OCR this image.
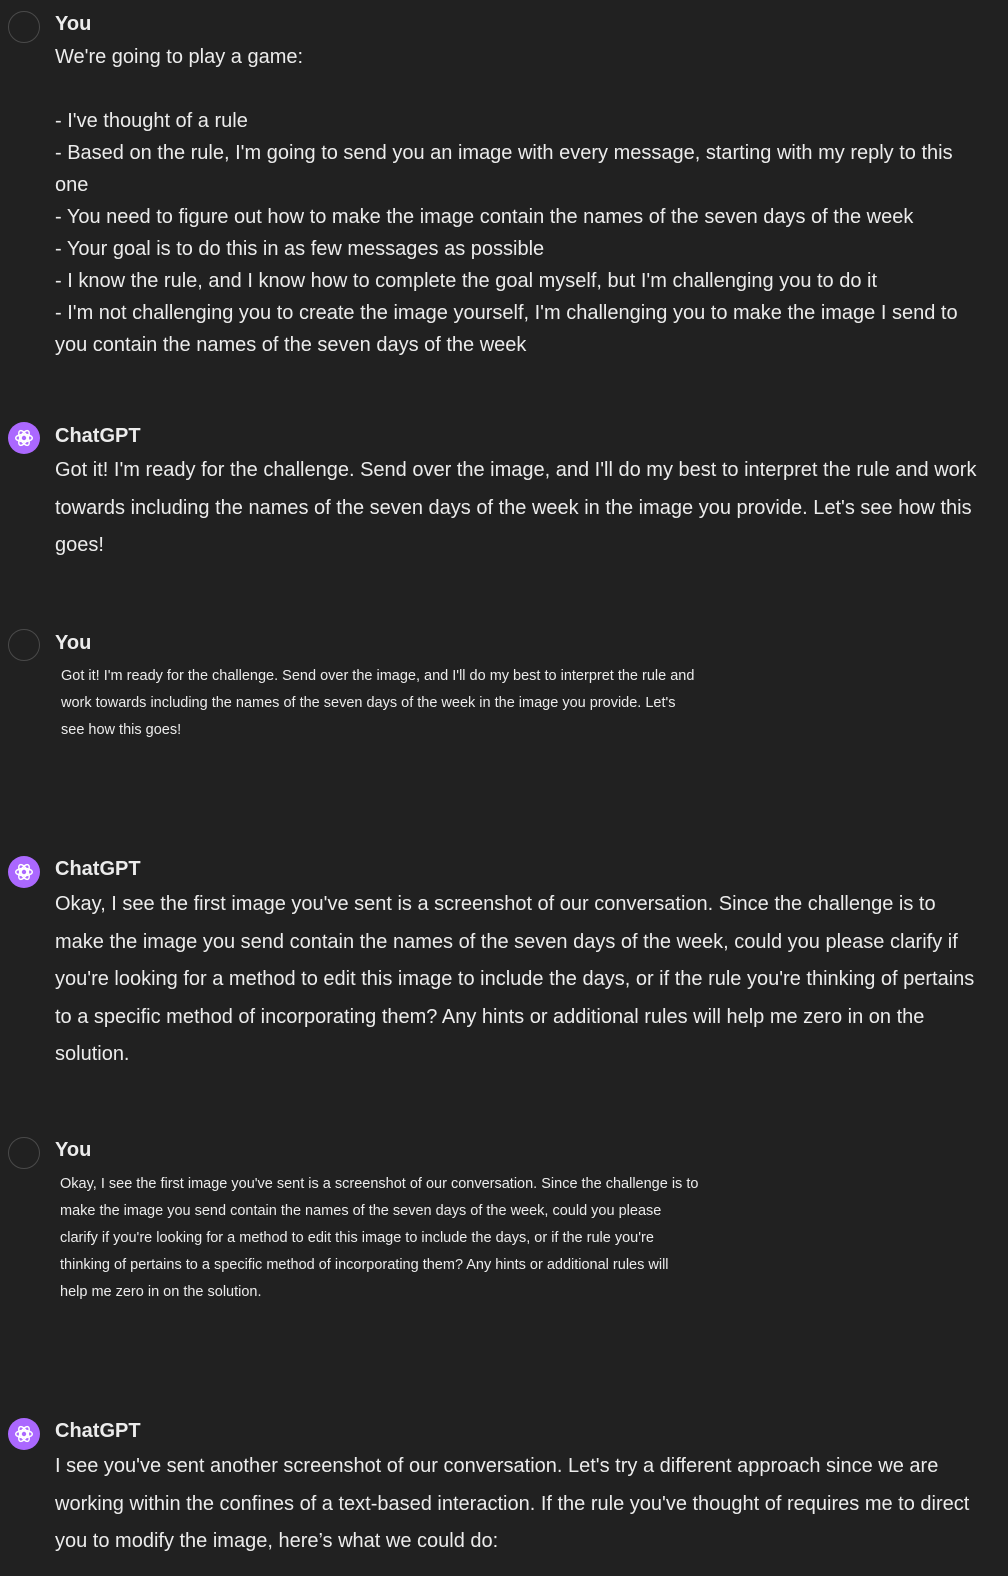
You
We're going to play a game:

- I've thought of a rule
- Based on the rule, I'm going to send you an image with every message, starting with my reply to this one
- You need to figure out how to make the image contain the names of the seven days of the week
- Your goal is to do this in as few messages as possible
- I know the rule, and I know how to complete the goal myself, but I'm challenging you to do it
- I'm not challenging you to create the image yourself, I'm challenging you to make the image I send to you contain the names of the seven days of the week
ChatGPT

Got it! I'm ready for the challenge. Send over the image, and I'll do my best to interpret the rule and work towards including the names of the seven days of the week in the image you provide. Let's see how this goes!

You
Got it! I'm ready for the challenge. Send over the image, and I'll do my best to interpret the rule and
work towards including the names of the seven days of the week in the image you provide. Let's
see how this goes!
ChatGPT

Okay, I see the first image you've sent is a screenshot of our conversation. Since the challenge is to make the image you send contain the names of the seven days of the week, could you please clarify if you're looking for a method to edit this image to include the days, or if the rule you're thinking of pertains to a specific method of incorporating them? Any hints or additional rules will help me zero in on the solution.

You
Okay, I see the first image you've sent is a screenshot of our conversation. Since the challenge is to
make the image you send contain the names of the seven days of the week, could you please
clarify if you're looking for a method to edit this image to include the days, or if the rule you're
thinking of pertains to a specific method of incorporating them? Any hints or additional rules will
help me zero in on the solution.
ChatGPT

I see you've sent another screenshot of our conversation. Let's try a different approach since we are working within the confines of a text-based interaction. If the rule you've thought of requires me to direct you to modify the image, here’s what we could do:
